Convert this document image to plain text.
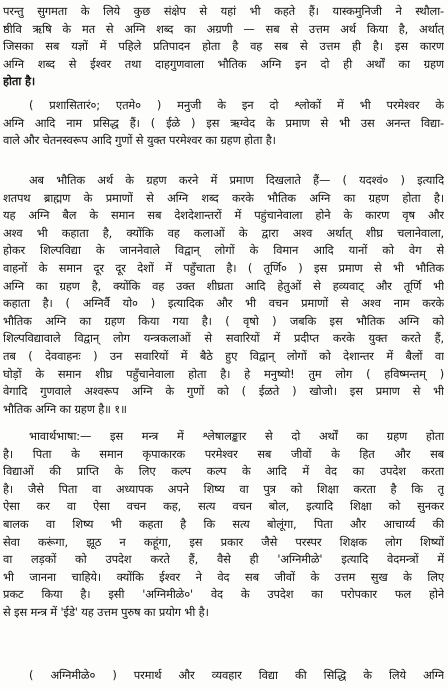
परन्तु सुगमता के लिये कुछ संक्षेप से यहां भी कहते हैं। यास्कमुनिजी ने स्थौला-
ष्ठीवि ऋषि के मत से अग्नि शब्द का अग्रणी — सब से उत्तम अर्थ किया है, अर्थात्
जिसका सब यज्ञों में पहिले प्रतिपादन होता है वह सब से उत्तम ही है। इस कारण
अग्नि शब्द से ईश्वर तथा दाहगुणवाला भौतिक अग्नि इन दो ही अर्थों का ग्रहण
होता है।
( प्रशासितारं०; एतमे० ) मनुजी के इन दो श्लोकों में भी परमेश्वर के
अग्नि आदि नाम प्रसिद्ध हैं। ( ईळे ) इस ऋग्वेद के प्रमाण से भी उस अनन्त विद्या-
वाले और चेतनस्वरूप आदि गुणों से युक्त परमेश्वर का ग्रहण होता है।
अब भौतिक अर्थ के ग्रहण करने में प्रमाण दिखलाते हैं— ( यदश्वं० ) इत्यादि
शतपथ ब्राह्मण के प्रमाणों से अग्नि शब्द करके भौतिक अग्नि का ग्रहण होता है।
यह अग्नि बैल के समान सब देशदेशान्तरों में पहुंचानेवाला होने के कारण वृष और
अश्व भी कहाता है, क्योंकि वह कलाओं के द्वारा अश्व अर्थात् शीघ्र चलानेवाला,
होकर शिल्पविद्या के जाननेवाले विद्वान् लोगों के विमान आदि यानों को वेग से
वाहनों के समान दूर दूर देशों में पहुँचाता है। ( तूर्णि० ) इस प्रमाण से भी भौतिक
अग्नि का ग्रहण है, क्योंकि वह उक्त शीघ्रता आदि हेतुओं से हव्यवाट् और तूर्णि भी
कहाता है। ( अग्निर्वै यो० ) इत्यादिक और भी वचन प्रमाणों से अश्व नाम करके
भौतिक अग्नि का ग्रहण किया गया है। ( वृषो ) जबकि इस भौतिक अग्नि को
शिल्पविद्यावाले विद्वान् लोग यन्त्रकलाओं से सवारियों में प्रदीप्त करके युक्त करते हैं,
तब ( देववाहनः ) उन सवारियों में बैठे हुए विद्वान् लोगों को देशान्तर में बैलों वा
घोड़ों के समान शीघ्र पहुँचानेवाला होता है। हे मनुष्यो! तुम लोग ( हविष्मन्तम् )
वेगादि गुणवाले अश्वरूप अग्नि के गुणों को ( ईळते ) खोजो। इस प्रमाण से भी
भौतिक अग्नि का ग्रहण है॥ १॥
भावार्थभाषा:— इस मन्त्र में श्लेषालङ्कार से दो अर्थों का ग्रहण होता
है। पिता के समान कृपाकारक परमेश्वर सब जीवों के हित और सब
विद्याओं की प्राप्ति के लिए कल्प कल्प के आदि में वेद का उपदेश करता
है। जैसे पिता वा अध्यापक अपने शिष्य वा पुत्र को शिक्षा करता है कि तू
ऐसा कर वा ऐसा वचन कह, सत्य वचन बोल, इत्यादि शिक्षा को सुनकर
बालक वा शिष्य भी कहता है कि सत्य बोलूंगा, पिता और आचार्य्य की
सेवा करूंगा, झूठ न कहूंगा, इस प्रकार जैसे परस्पर शिक्षक लोग शिष्यों
वा लड़कों को उपदेश करते हैं, वैसे ही 'अग्निमीळे' इत्यादि वेदमन्त्रों में
भी जानना चाहिये। क्योंकि ईश्वर ने वेद सब जीवों के उत्तम सुख के लिए
प्रकट किया है। इसी 'अग्निमीळे०' वेद के उपदेश का परोपकार फल होने
से इस मन्त्र में 'ईडे' यह उत्तम पुरुष का प्रयोग भी है।
( अग्निमीळे० ) परमार्थ और व्यवहार विद्या की सिद्धि के लिये अग्नि
